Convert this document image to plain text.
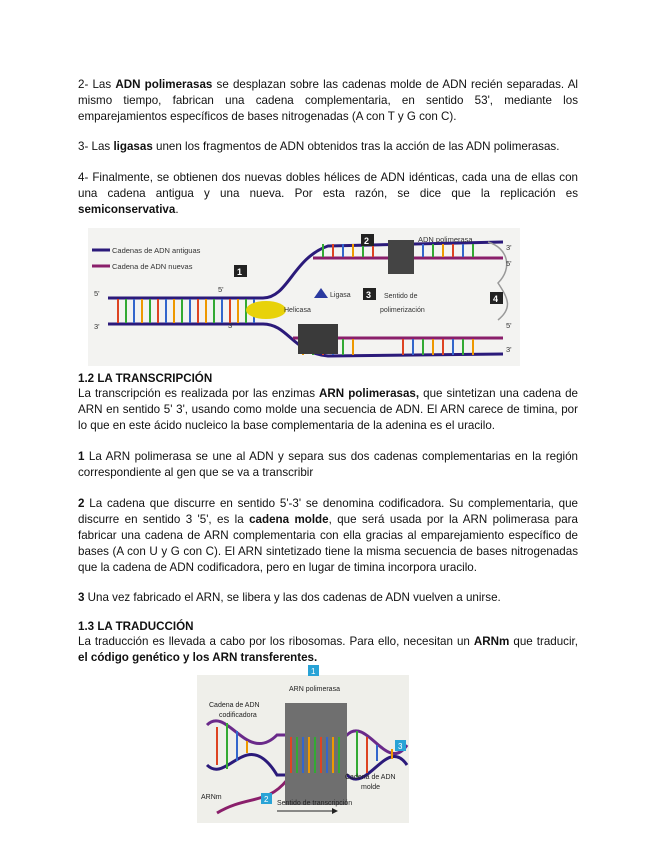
2- Las ADN polimerasas se desplazan sobre las cadenas molde de ADN recién separadas. Al mismo tiempo, fabrican una cadena complementaria, en sentido 53', mediante los emparejamientos específicos de bases nitrogenadas (A con T y G con C).

3- Las ligasas unen los fragmentos de ADN obtenidos tras la acción de las ADN polimerasas.

4- Finalmente, se obtienen dos nuevas dobles hélices de ADN idénticas, cada una de ellas con una cadena antigua y una nueva. Por esta razón, se dice que la replicación es semiconservativa.

1.2 LA TRANSCRIPCIÓN

La transcripción es realizada por las enzimas ARN polimerasas, que sintetizan una cadena de ARN en sentido 5' 3', usando como molde una secuencia de ADN. El ARN carece de timina, por lo que en este ácido nucleico la base complementaria de la adenina es el uracilo.

1 La ARN polimerasa se une al ADN y separa sus dos cadenas complementarias en la región correspondiente al gen que se va a transcribir

2 La cadena que discurre en sentido 5'-3' se denomina codificadora. Su complementaria, que discurre en sentido 3 '5', es la cadena molde, que será usada por la ARN polimerasa para fabricar una cadena de ARN complementaria con ella gracias al emparejamiento específico de bases (A con U y G con C). El ARN sintetizado tiene la misma secuencia de bases nitrogenadas que la cadena de ADN codificadora, pero en lugar de timina incorpora uracilo.

3 Una vez fabricado el ARN, se libera y las dos cadenas de ADN vuelven a unirse.

1.3 LA TRADUCCIÓN

La traducción es llevada a cabo por los ribosomas. Para ello, necesitan un ARNm que traducir, el código genético y los ARN transferentes.

Cadenas de ADN antiguas
Cadena de ADN nuevas
1
2
3	4
ADN polimerasa
Helicasa
Ligasa	Sentido de
polimerización
5'
3'
3'
5'
3'
5'
5'
3'
1
2
3
ARN polimerasa
Cadena de ADN
codificadora
Cadena de ADN
molde
ARNm
Sentido de transcripción
